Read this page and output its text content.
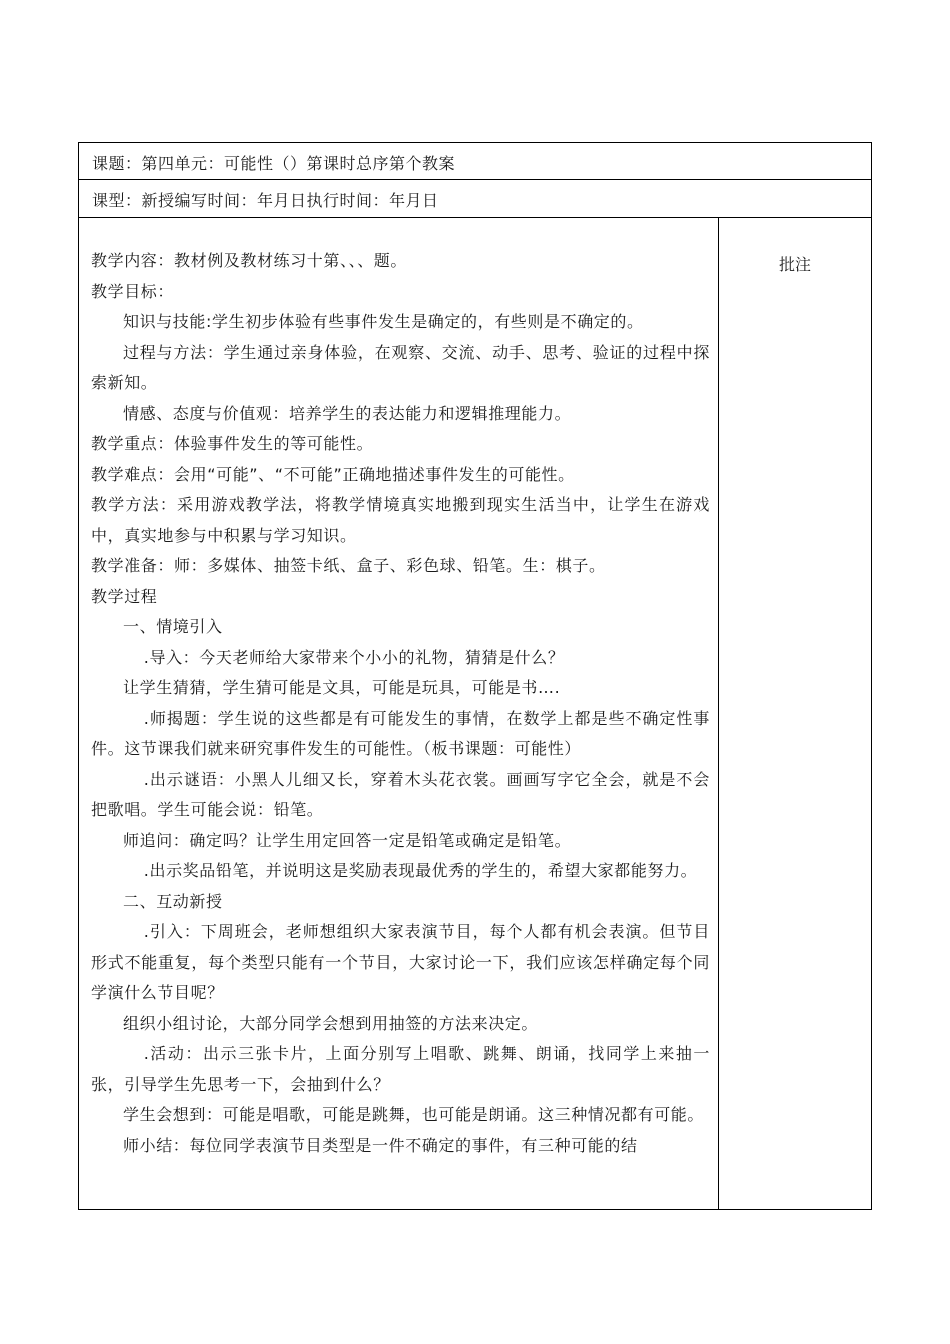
课题：第四单元：可能性（）第课时总序第个教案
课型：新授编写时间：年月日执行时间：年月日

教学内容：教材例及教材练习十第、、、题。

教学目标：

知识与技能:学生初步体验有些事件发生是确定的，有些则是不确定的。

过程与方法：学生通过亲身体验，在观察、交流、动手、思考、验证的过程中探索新知。

情感、态度与价值观：培养学生的表达能力和逻辑推理能力。

教学重点：体验事件发生的等可能性。

教学难点：会用“可能”、“不可能”正确地描述事件发生的可能性。

教学方法：采用游戏教学法，将教学情境真实地搬到现实生活当中，让学生在游戏中，真实地参与中积累与学习知识。

教学准备：师：多媒体、抽签卡纸、盒子、彩色球、铅笔。生：棋子。

教学过程

一、情境引入

.导入：今天老师给大家带来个小小的礼物，猜猜是什么？

让学生猜猜，学生猜可能是文具，可能是玩具，可能是书….

.师揭题：学生说的这些都是有可能发生的事情，在数学上都是些不确定性事件。这节课我们就来研究事件发生的可能性。（板书课题：可能性）

.出示谜语：小黑人儿细又长，穿着木头花衣裳。画画写字它全会，就是不会把歌唱。学生可能会说：铅笔。

师追问：确定吗？让学生用定回答一定是铅笔或确定是铅笔。

.出示奖品铅笔，并说明这是奖励表现最优秀的学生的，希望大家都能努力。

二、互动新授

.引入：下周班会，老师想组织大家表演节目，每个人都有机会表演。但节目形式不能重复，每个类型只能有一个节目，大家讨论一下，我们应该怎样确定每个同学演什么节目呢？

组织小组讨论，大部分同学会想到用抽签的方法来决定。

.活动：出示三张卡片，上面分别写上唱歌、跳舞、朗诵，找同学上来抽一张，引导学生先思考一下，会抽到什么？

学生会想到：可能是唱歌，可能是跳舞，也可能是朗诵。这三种情况都有可能。

师小结：每位同学表演节目类型是一件不确定的事件，有三种可能的结

批注
